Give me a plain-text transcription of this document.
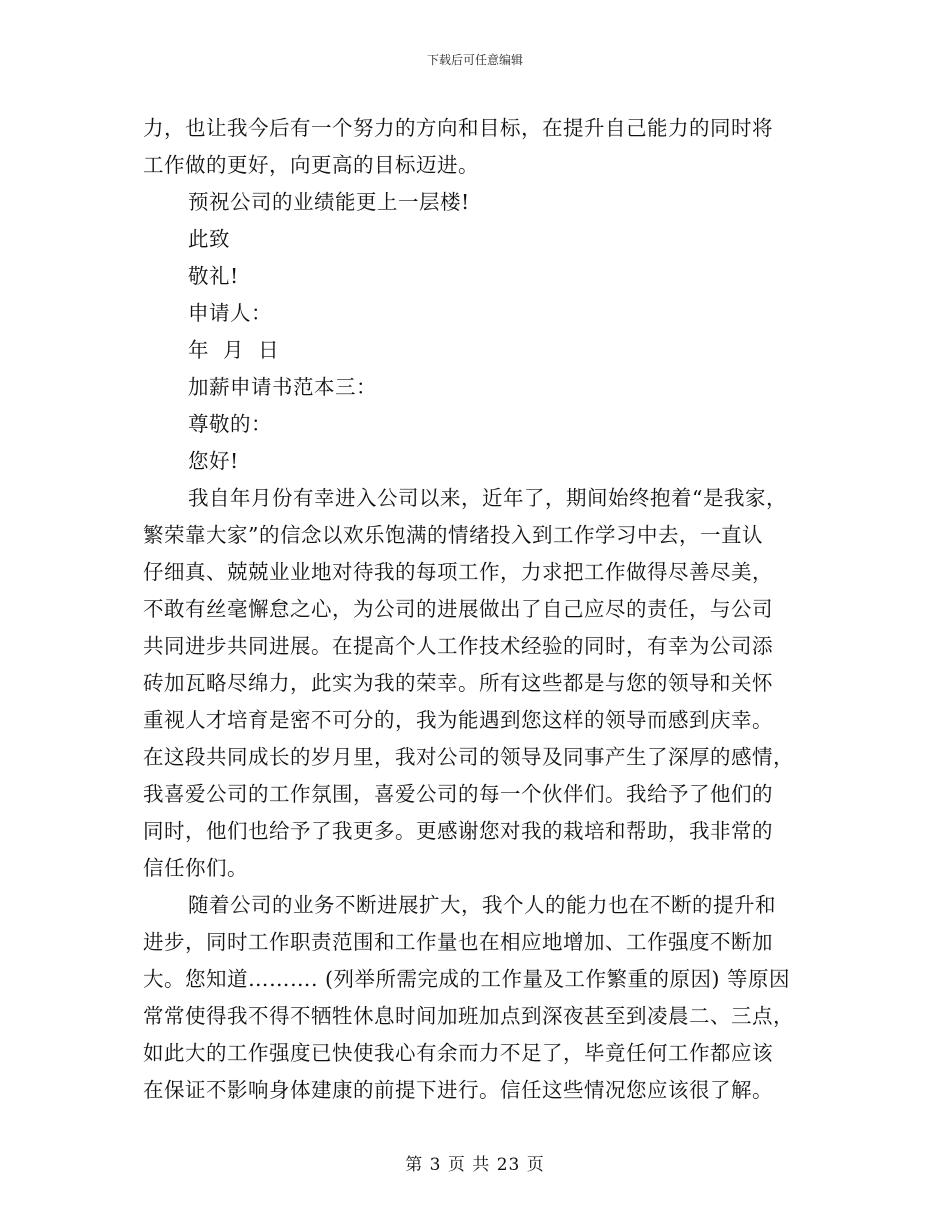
下载后可任意编辑
力，也让我今后有一个努力的方向和目标，在提升自己能力的同时将
工作做的更好，向更高的目标迈进。
预祝公司的业绩能更上一层楼!
此致
敬礼!
申请人：
年  月  日
加薪申请书范本三：
尊敬的：
您好!
我自年月份有幸进入公司以来，近年了，期间始终抱着“是我家，
繁荣靠大家”的信念以欢乐饱满的情绪投入到工作学习中去，一直认
仔细真、兢兢业业地对待我的每项工作，力求把工作做得尽善尽美，
不敢有丝毫懈怠之心，为公司的进展做出了自己应尽的责任，与公司
共同进步共同进展。在提高个人工作技术经验的同时，有幸为公司添
砖加瓦略尽绵力，此实为我的荣幸。所有这些都是与您的领导和关怀
重视人才培育是密不可分的，我为能遇到您这样的领导而感到庆幸。
在这段共同成长的岁月里，我对公司的领导及同事产生了深厚的感情，
我喜爱公司的工作氛围，喜爱公司的每一个伙伴们。我给予了他们的
同时，他们也给予了我更多。更感谢您对我的栽培和帮助，我非常的
信任你们。
随着公司的业务不断进展扩大，我个人的能力也在不断的提升和
进步，同时工作职责范围和工作量也在相应地增加、工作强度不断加
大。您知道………. (列举所需完成的工作量及工作繁重的原因) 等原因
常常使得我不得不牺牲休息时间加班加点到深夜甚至到凌晨二、三点，
如此大的工作强度已快使我心有余而力不足了，毕竟任何工作都应该
在保证不影响身体建康的前提下进行。信任这些情况您应该很了解。
第 3 页 共 23 页
